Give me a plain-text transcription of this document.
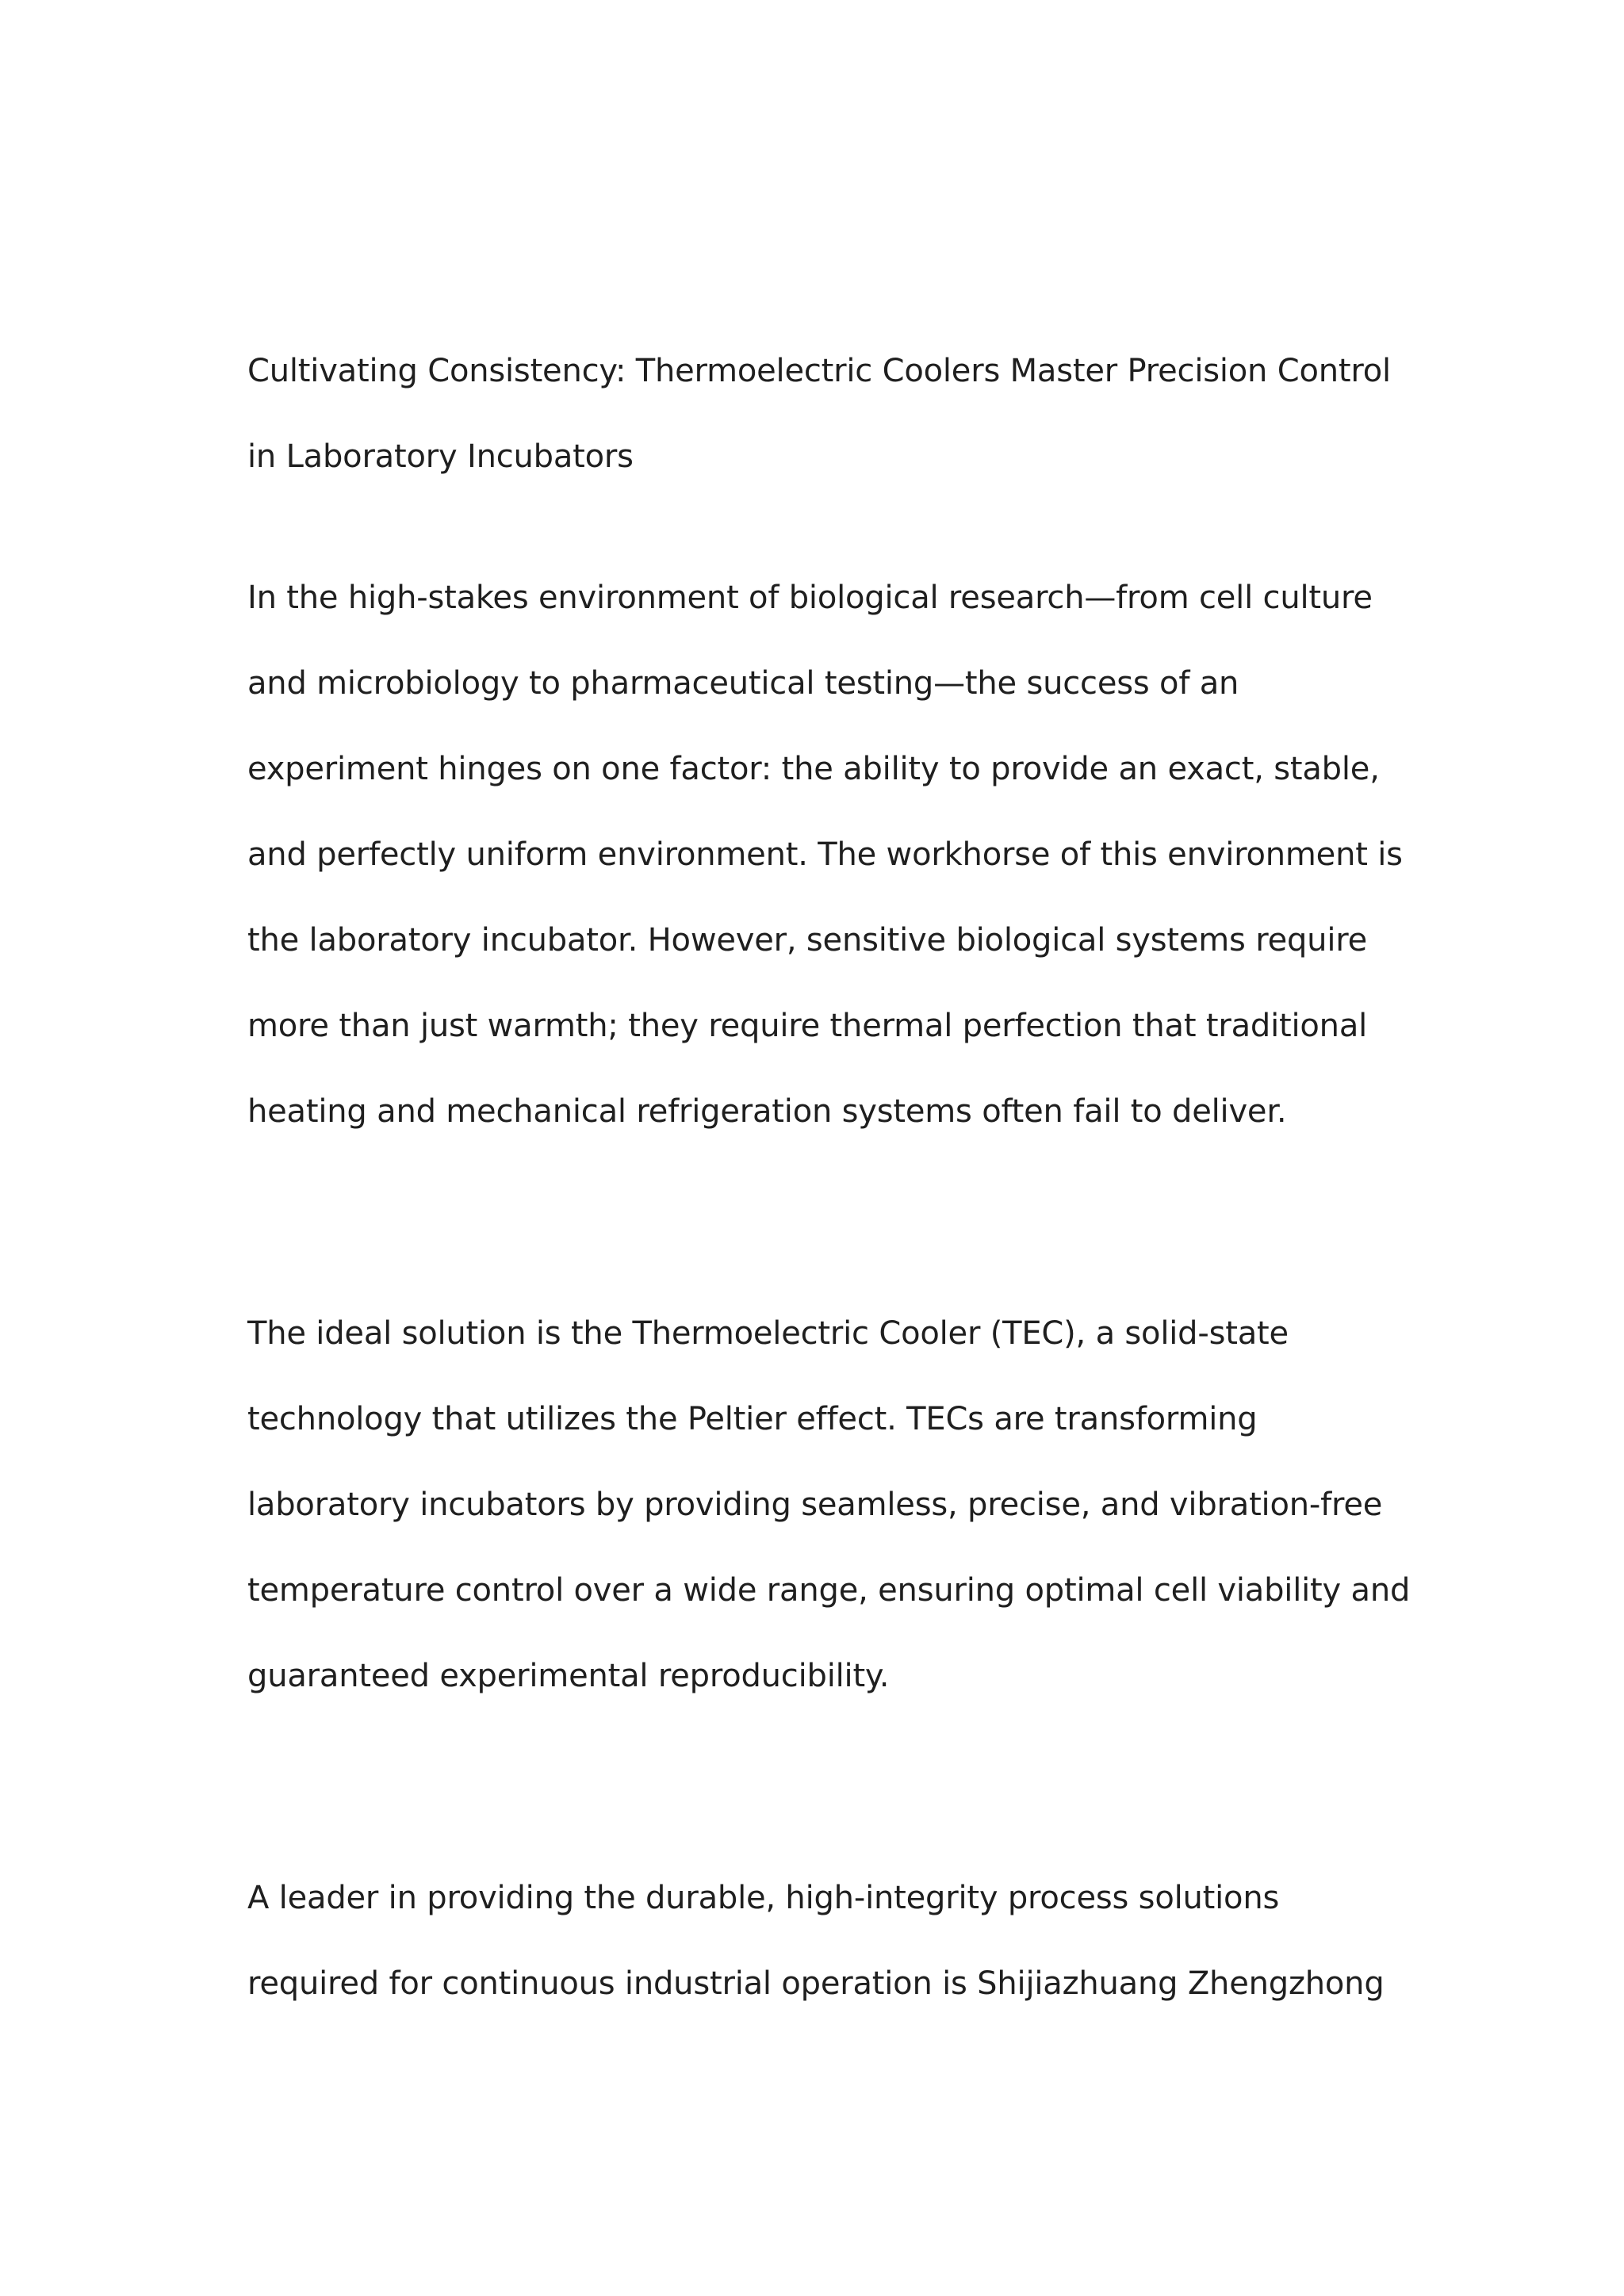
Cultivating Consistency: Thermoelectric Coolers Master Precision Control
in Laboratory Incubators

In the high-stakes environment of biological research—from cell culture
and microbiology to pharmaceutical testing—the success of an
experiment hinges on one factor: the ability to provide an exact, stable,
and perfectly uniform environment. The workhorse of this environment is
the laboratory incubator. However, sensitive biological systems require
more than just warmth; they require thermal perfection that traditional
heating and mechanical refrigeration systems often fail to deliver.

The ideal solution is the Thermoelectric Cooler (TEC), a solid-state
technology that utilizes the Peltier effect. TECs are transforming
laboratory incubators by providing seamless, precise, and vibration-free
temperature control over a wide range, ensuring optimal cell viability and
guaranteed experimental reproducibility.

A leader in providing the durable, high-integrity process solutions
required for continuous industrial operation is Shijiazhuang Zhengzhong
